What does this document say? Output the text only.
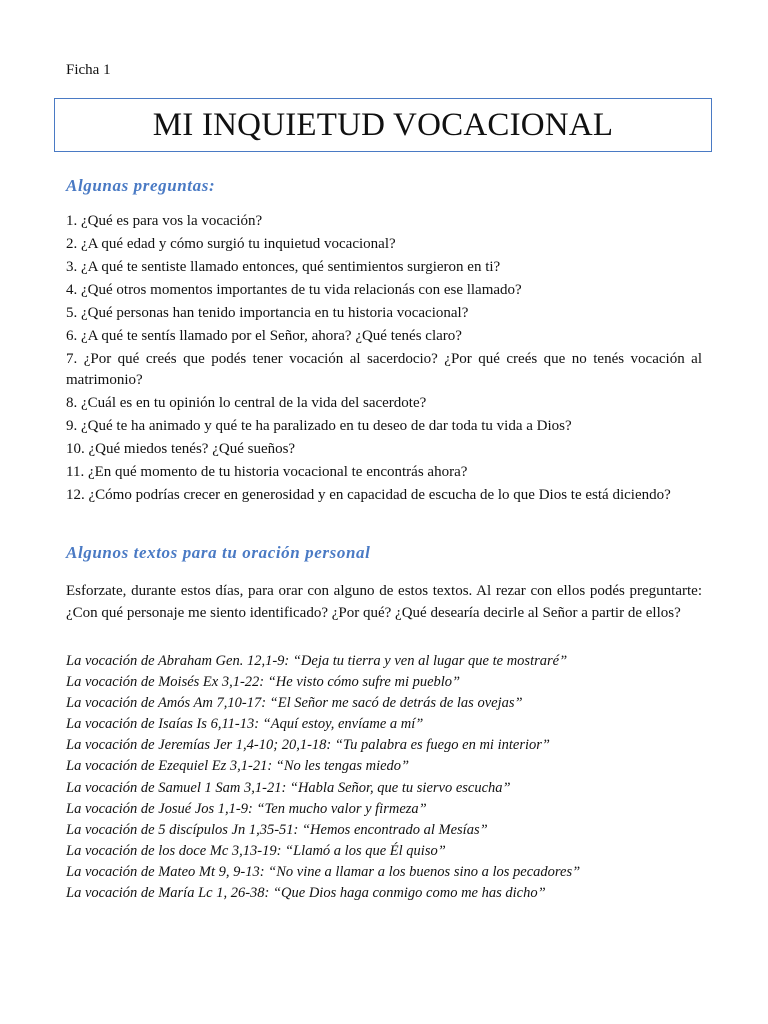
Ficha 1
MI INQUIETUD VOCACIONAL
Algunas preguntas:
1. ¿Qué es para vos la vocación?
2. ¿A qué edad y cómo surgió tu inquietud vocacional?
3. ¿A qué te sentiste llamado entonces, qué sentimientos surgieron en ti?
4. ¿Qué otros momentos importantes de tu vida relacionás con ese llamado?
5. ¿Qué personas han tenido importancia en tu historia vocacional?
6. ¿A qué te sentís llamado por el Señor, ahora? ¿Qué tenés claro?
7. ¿Por qué creés que podés tener vocación al sacerdocio? ¿Por qué creés que no tenés vocación al matrimonio?
8. ¿Cuál es en tu opinión lo central de la vida del sacerdote?
9. ¿Qué te ha animado y qué te ha paralizado en tu deseo de dar toda tu vida a Dios?
10. ¿Qué miedos tenés? ¿Qué sueños?
11. ¿En qué momento de tu historia vocacional te encontrás ahora?
12. ¿Cómo podrías crecer en generosidad y en capacidad de escucha de lo que Dios te está diciendo?
Algunos textos para tu oración personal
Esforzate, durante estos días, para orar con alguno de estos textos. Al rezar con ellos podés preguntarte: ¿Con qué personaje me siento identificado? ¿Por qué? ¿Qué desearía decirle al Señor a partir de ellos?
La vocación de Abraham Gen. 12,1-9: “Deja tu tierra y ven al lugar que te mostraré”
La vocación de Moisés Ex 3,1-22: “He visto cómo sufre mi pueblo”
La vocación de Amós Am 7,10-17: “El Señor me sacó de detrás de las ovejas”
La vocación de Isaías Is 6,11-13: “Aquí estoy, envíame a mí”
La vocación de Jeremías Jer 1,4-10; 20,1-18: “Tu palabra es fuego en mi interior”
La vocación de Ezequiel Ez 3,1-21: “No les tengas miedo”
La vocación de Samuel 1 Sam 3,1-21: “Habla Señor, que tu siervo escucha”
La vocación de Josué Jos 1,1-9: “Ten mucho valor y firmeza”
La vocación de 5 discípulos Jn 1,35-51: “Hemos encontrado al Mesías”
La vocación de los doce Mc 3,13-19: “Llamó a los que Él quiso”
La vocación de Mateo Mt 9, 9-13: “No vine a llamar a los buenos sino a los pecadores”
La vocación de María Lc 1, 26-38: “Que Dios haga conmigo como me has dicho”
